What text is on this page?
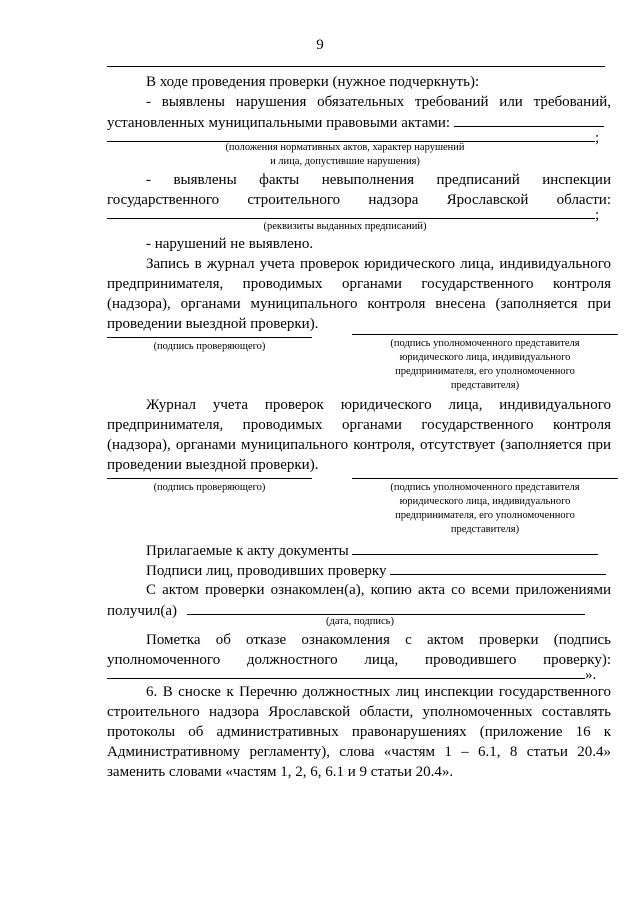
9
В ходе проведения проверки (нужное подчеркнуть):
- выявлены нарушения обязательных требований или требований,
установленных муниципальными правовыми актами:
;
(положения нормативных актов, характер нарушений
и лица, допустившие нарушения)
- выявлены факты невыполнения предписаний инспекции
государственного строительного надзора Ярославской области:
;
(реквизиты выданных предписаний)
- нарушений не выявлено.
Запись в журнал учета проверок юридического лица, индивидуального
предпринимателя, проводимых органами государственного контроля
(надзора), органами муниципального контроля внесена (заполняется при
проведении выездной проверки).
(подпись проверяющего)	(подпись уполномоченного представителя
юридического лица, индивидуального
предпринимателя, его уполномоченного
представителя)
Журнал учета проверок юридического лица, индивидуального
предпринимателя, проводимых органами государственного контроля
(надзора), органами муниципального контроля, отсутствует (заполняется при
проведении выездной проверки).
(подпись проверяющего)	(подпись уполномоченного представителя
юридического лица, индивидуального
предпринимателя, его уполномоченного
представителя)
Прилагаемые к акту документы
Подписи лиц, проводивших проверку
С актом проверки ознакомлен(а), копию акта со всеми приложениями
получил(а)
(дата, подпись)
Пометка об отказе ознакомления с актом проверки (подпись
уполномоченного должностного лица, проводившего проверку):
».
6. В сноске к Перечню должностных лиц инспекции государственного
строительного надзора Ярославской области, уполномоченных составлять
протоколы об административных правонарушениях (приложение 16 к
Административному регламенту), слова «частям 1 – 6.1, 8 статьи 20.4»
заменить словами «частям 1, 2, 6, 6.1 и 9 статьи 20.4».
